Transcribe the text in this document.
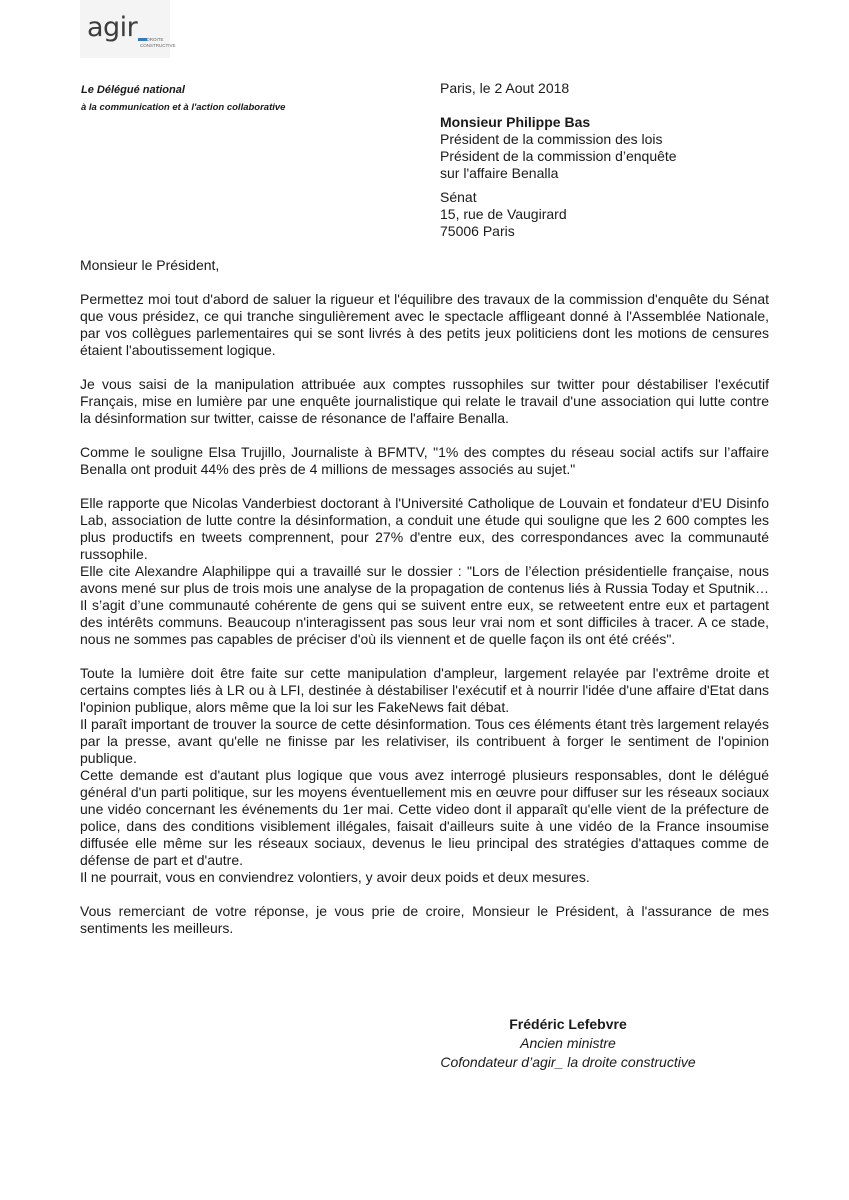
agir LA DROITE CONSTRUCTIVE
Le Délégué national
à la communication et à l'action collaborative
Paris, le 2 Aout 2018
Monsieur Philippe Bas
Président de la commission des lois
Président de la commission d’enquête
sur l'affaire Benalla
Sénat
15, rue de Vaugirard
75006 Paris

Monsieur le Président,

Permettez moi tout d'abord de saluer la rigueur et l'équilibre des travaux de la commission d'enquête du Sénat que vous présidez, ce qui tranche singulièrement avec le spectacle affligeant donné à l'Assemblée Nationale, par vos collègues parlementaires qui se sont livrés à des petits jeux politiciens dont les motions de censures étaient l'aboutissement logique.

Je vous saisi de la manipulation attribuée aux comptes russophiles sur twitter pour déstabiliser l'exécutif Français, mise en lumière par une enquête journalistique qui relate le travail d'une association qui lutte contre la désinformation sur twitter, caisse de résonance de l'affaire Benalla.

Comme le souligne Elsa Trujillo, Journaliste à BFMTV, "1% des comptes du réseau social actifs sur l’affaire Benalla ont produit 44% des près de 4 millions de messages associés au sujet."

Elle rapporte que Nicolas Vanderbiest doctorant à l'Université Catholique de Louvain et fondateur d'EU Disinfo Lab, association de lutte contre la désinformation, a conduit une étude qui souligne que les 2 600 comptes les plus productifs en tweets comprennent, pour 27% d'entre eux, des correspondances avec la communauté russophile.

Elle cite Alexandre Alaphilippe qui a travaillé sur le dossier : "Lors de l’élection présidentielle française, nous avons mené sur plus de trois mois une analyse de la propagation de contenus liés à Russia Today et Sputnik… Il s’agit d’une communauté cohérente de gens qui se suivent entre eux, se retweetent entre eux et partagent des intérêts communs. Beaucoup n'interagissent pas sous leur vrai nom et sont difficiles à tracer. A ce stade, nous ne sommes pas capables de préciser d'où ils viennent et de quelle façon ils ont été créés".

Toute la lumière doit être faite sur cette manipulation d'ampleur, largement relayée par l'extrême droite et certains comptes liés à LR ou à LFI, destinée à déstabiliser l'exécutif et à nourrir l'idée d'une affaire d'Etat dans l'opinion publique, alors même que la loi sur les FakeNews fait débat.

Il paraît important de trouver la source de cette désinformation. Tous ces éléments étant très largement relayés par la presse, avant qu'elle ne finisse par les relativiser, ils contribuent à forger le sentiment de l'opinion publique.

Cette demande est d'autant plus logique que vous avez interrogé plusieurs responsables, dont le délégué général d'un parti politique, sur les moyens éventuellement mis en œuvre pour diffuser sur les réseaux sociaux une vidéo concernant les événements du 1er mai. Cette video dont il apparaît qu'elle vient de la préfecture de police, dans des conditions visiblement illégales, faisait d'ailleurs suite à une vidéo de la France insoumise diffusée elle même sur les réseaux sociaux, devenus le lieu principal des stratégies d'attaques comme de défense de part et d'autre.

Il ne pourrait, vous en conviendrez volontiers, y avoir deux poids et deux mesures.

Vous remerciant de votre réponse, je vous prie de croire, Monsieur le Président, à l'assurance de mes sentiments les meilleurs.

Frédéric Lefebvre
Ancien ministre
Cofondateur d’agir_ la droite constructive
